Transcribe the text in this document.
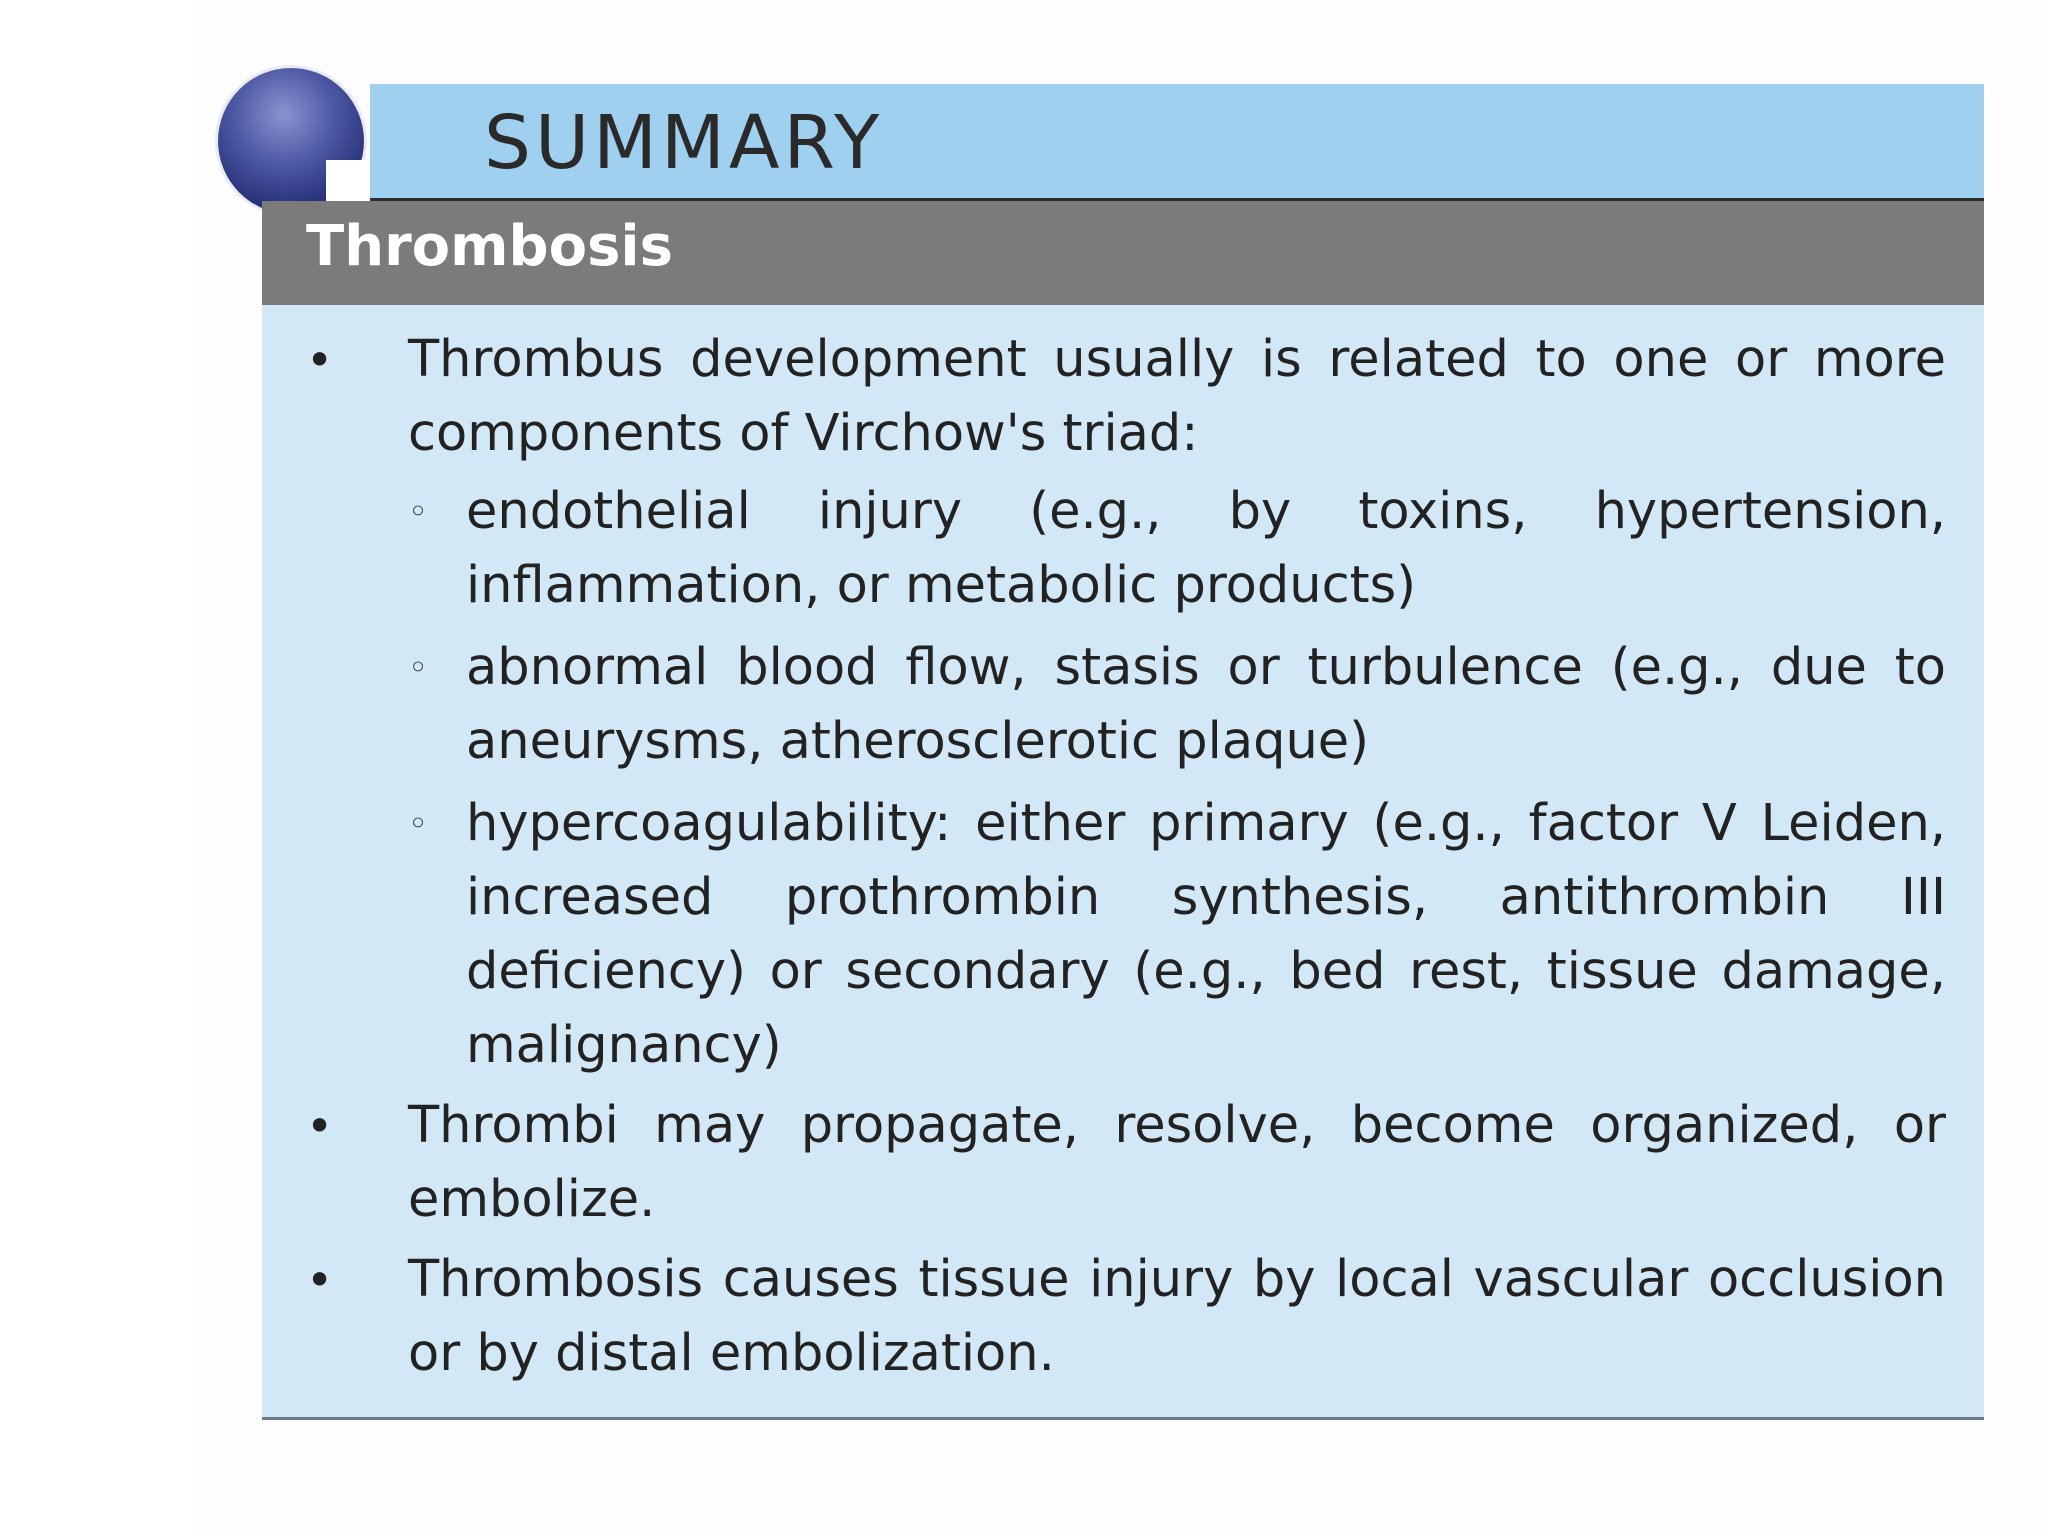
SUMMARY
Thrombosis
• Thrombus development usually is related to one or more components of Virchow's triad:
◦ endothelial injury (e.g., by toxins, hypertension, inflammation, or metabolic products)
◦ abnormal blood flow, stasis or turbulence (e.g., due to aneurysms, atherosclerotic plaque)
◦ hypercoagulability: either primary (e.g., factor V Leiden, increased prothrombin synthesis, antithrombin III deficiency) or secondary (e.g., bed rest, tissue damage, malignancy)
• Thrombi may propagate, resolve, become organized, or embolize.
• Thrombosis causes tissue injury by local vascular occlusion or by distal embolization.
